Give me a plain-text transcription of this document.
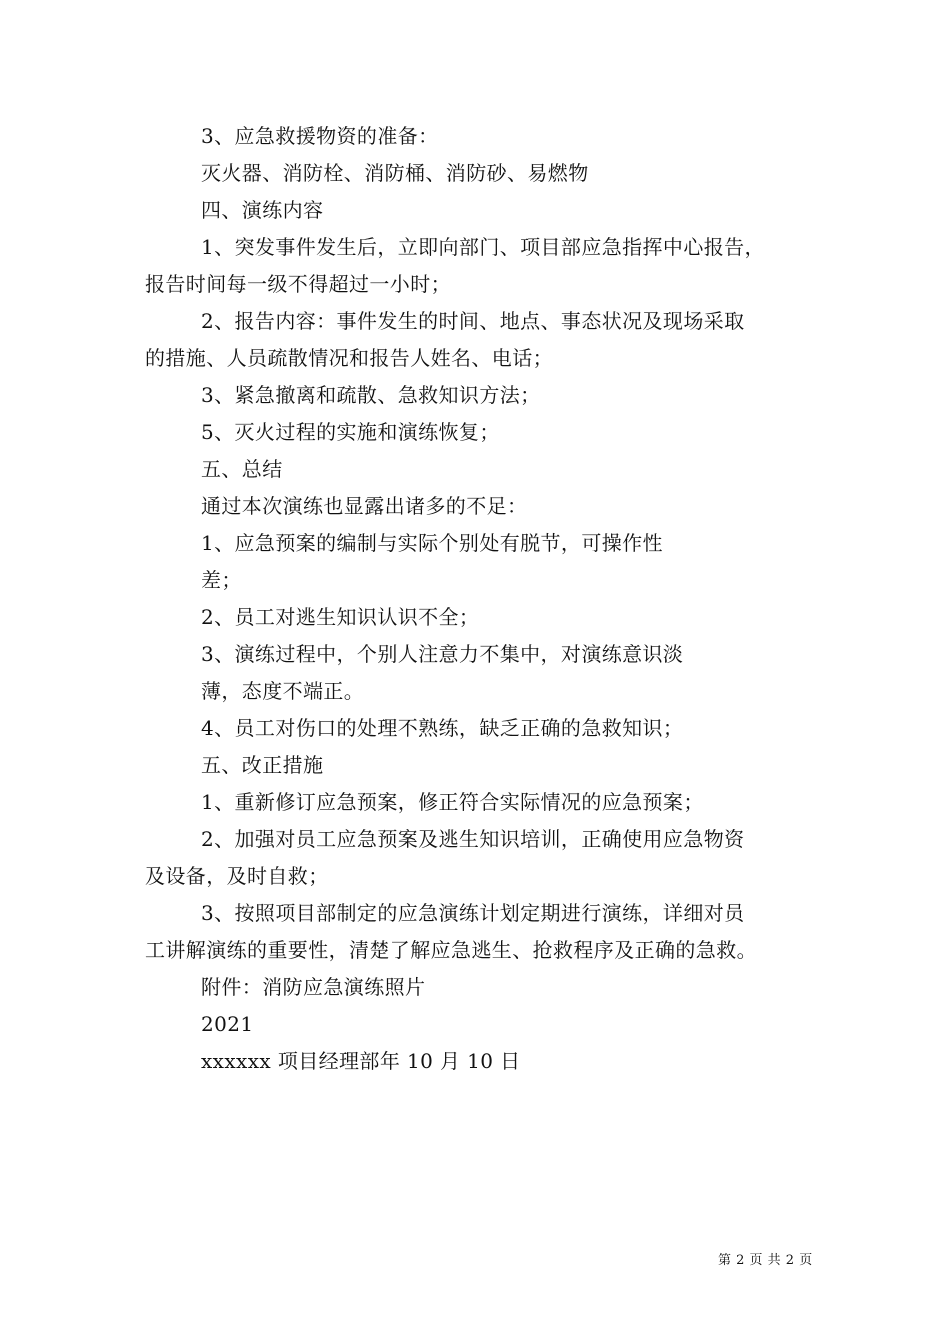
3、应急救援物资的准备：
灭火器、消防栓、消防桶、消防砂、易燃物
四、演练内容
1、突发事件发生后，立即向部门、项目部应急指挥中心报告，
报告时间每一级不得超过一小时；
2、报告内容：事件发生的时间、地点、事态状况及现场采取
的措施、人员疏散情况和报告人姓名、电话；
3、紧急撤离和疏散、急救知识方法；
5、灭火过程的实施和演练恢复；
五、总结
通过本次演练也显露出诸多的不足：
1、应急预案的编制与实际个别处有脱节，可操作性
差；
2、员工对逃生知识认识不全；
3、演练过程中，个别人注意力不集中，对演练意识淡
薄，态度不端正。
4、员工对伤口的处理不熟练，缺乏正确的急救知识；
五、改正措施
1、重新修订应急预案，修正符合实际情况的应急预案；
2、加强对员工应急预案及逃生知识培训，正确使用应急物资
及设备，及时自救；
3、按照项目部制定的应急演练计划定期进行演练，详细对员
工讲解演练的重要性，清楚了解应急逃生、抢救程序及正确的急救。
附件：消防应急演练照片
2021
xxxxxx 项目经理部年 10 月 10 日
第 2 页 共 2 页
